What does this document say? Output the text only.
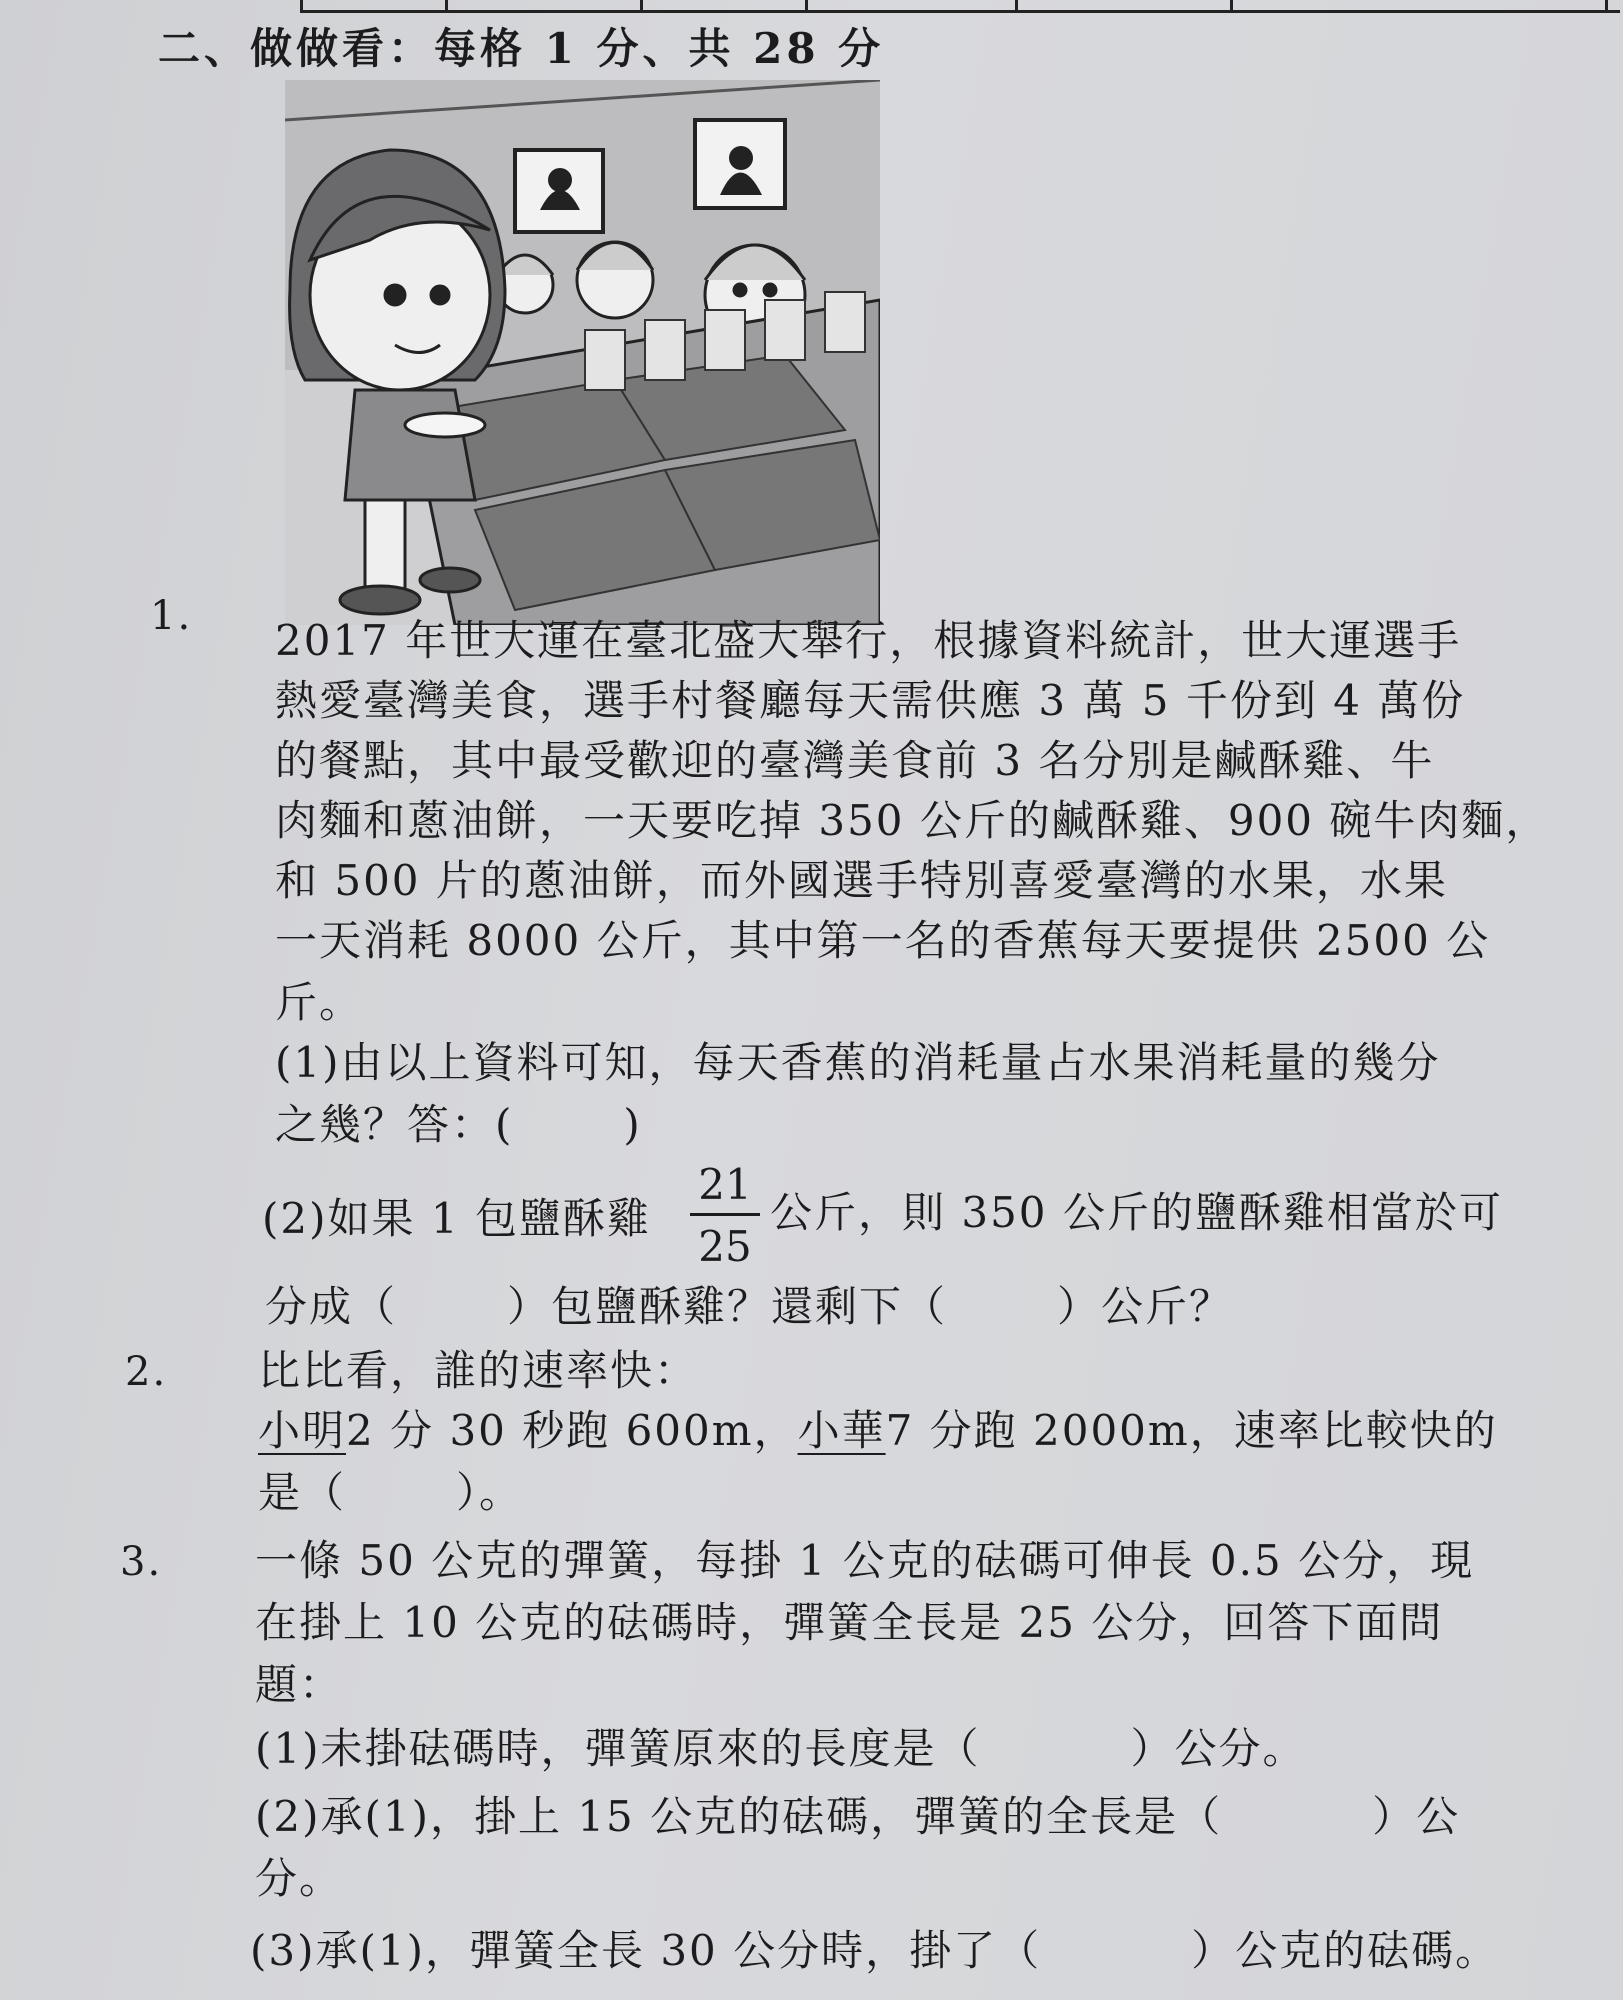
二、做做看：每格 1 分、共 28 分
1. 2017 年世大運在臺北盛大舉行，根據資料統計，世大運選手
熱愛臺灣美食，選手村餐廳每天需供應 3 萬 5 千份到 4 萬份
的餐點，其中最受歡迎的臺灣美食前 3 名分別是鹹酥雞、牛
肉麵和蔥油餅，一天要吃掉 350 公斤的鹹酥雞、900 碗牛肉麵，
和 500 片的蔥油餅，而外國選手特別喜愛臺灣的水果，水果
一天消耗 8000 公斤，其中第一名的香蕉每天要提供 2500 公
斤。
(1)由以上資料可知，每天香蕉的消耗量占水果消耗量的幾分
之幾？答：(	)
(2)如果 1 包鹽酥雞 $\frac{21}{25}$ 公斤，則 350 公斤的鹽酥雞相當於可
分成（	）包鹽酥雞？還剩下（	）公斤？
2. 比比看，誰的速率快：
小明2 分 30 秒跑 600m，小華7 分跑 2000m，速率比較快的
是（	）。
3. 一條 50 公克的彈簧，每掛 1 公克的砝碼可伸長 0.5 公分，現
在掛上 10 公克的砝碼時，彈簧全長是 25 公分，回答下面問
題：
(1)未掛砝碼時，彈簧原來的長度是（	）公分。
(2)承(1)，掛上 15 公克的砝碼，彈簧的全長是（	）公
分。
(3)承(1)，彈簧全長 30 公分時，掛了（	）公克的砝碼。
